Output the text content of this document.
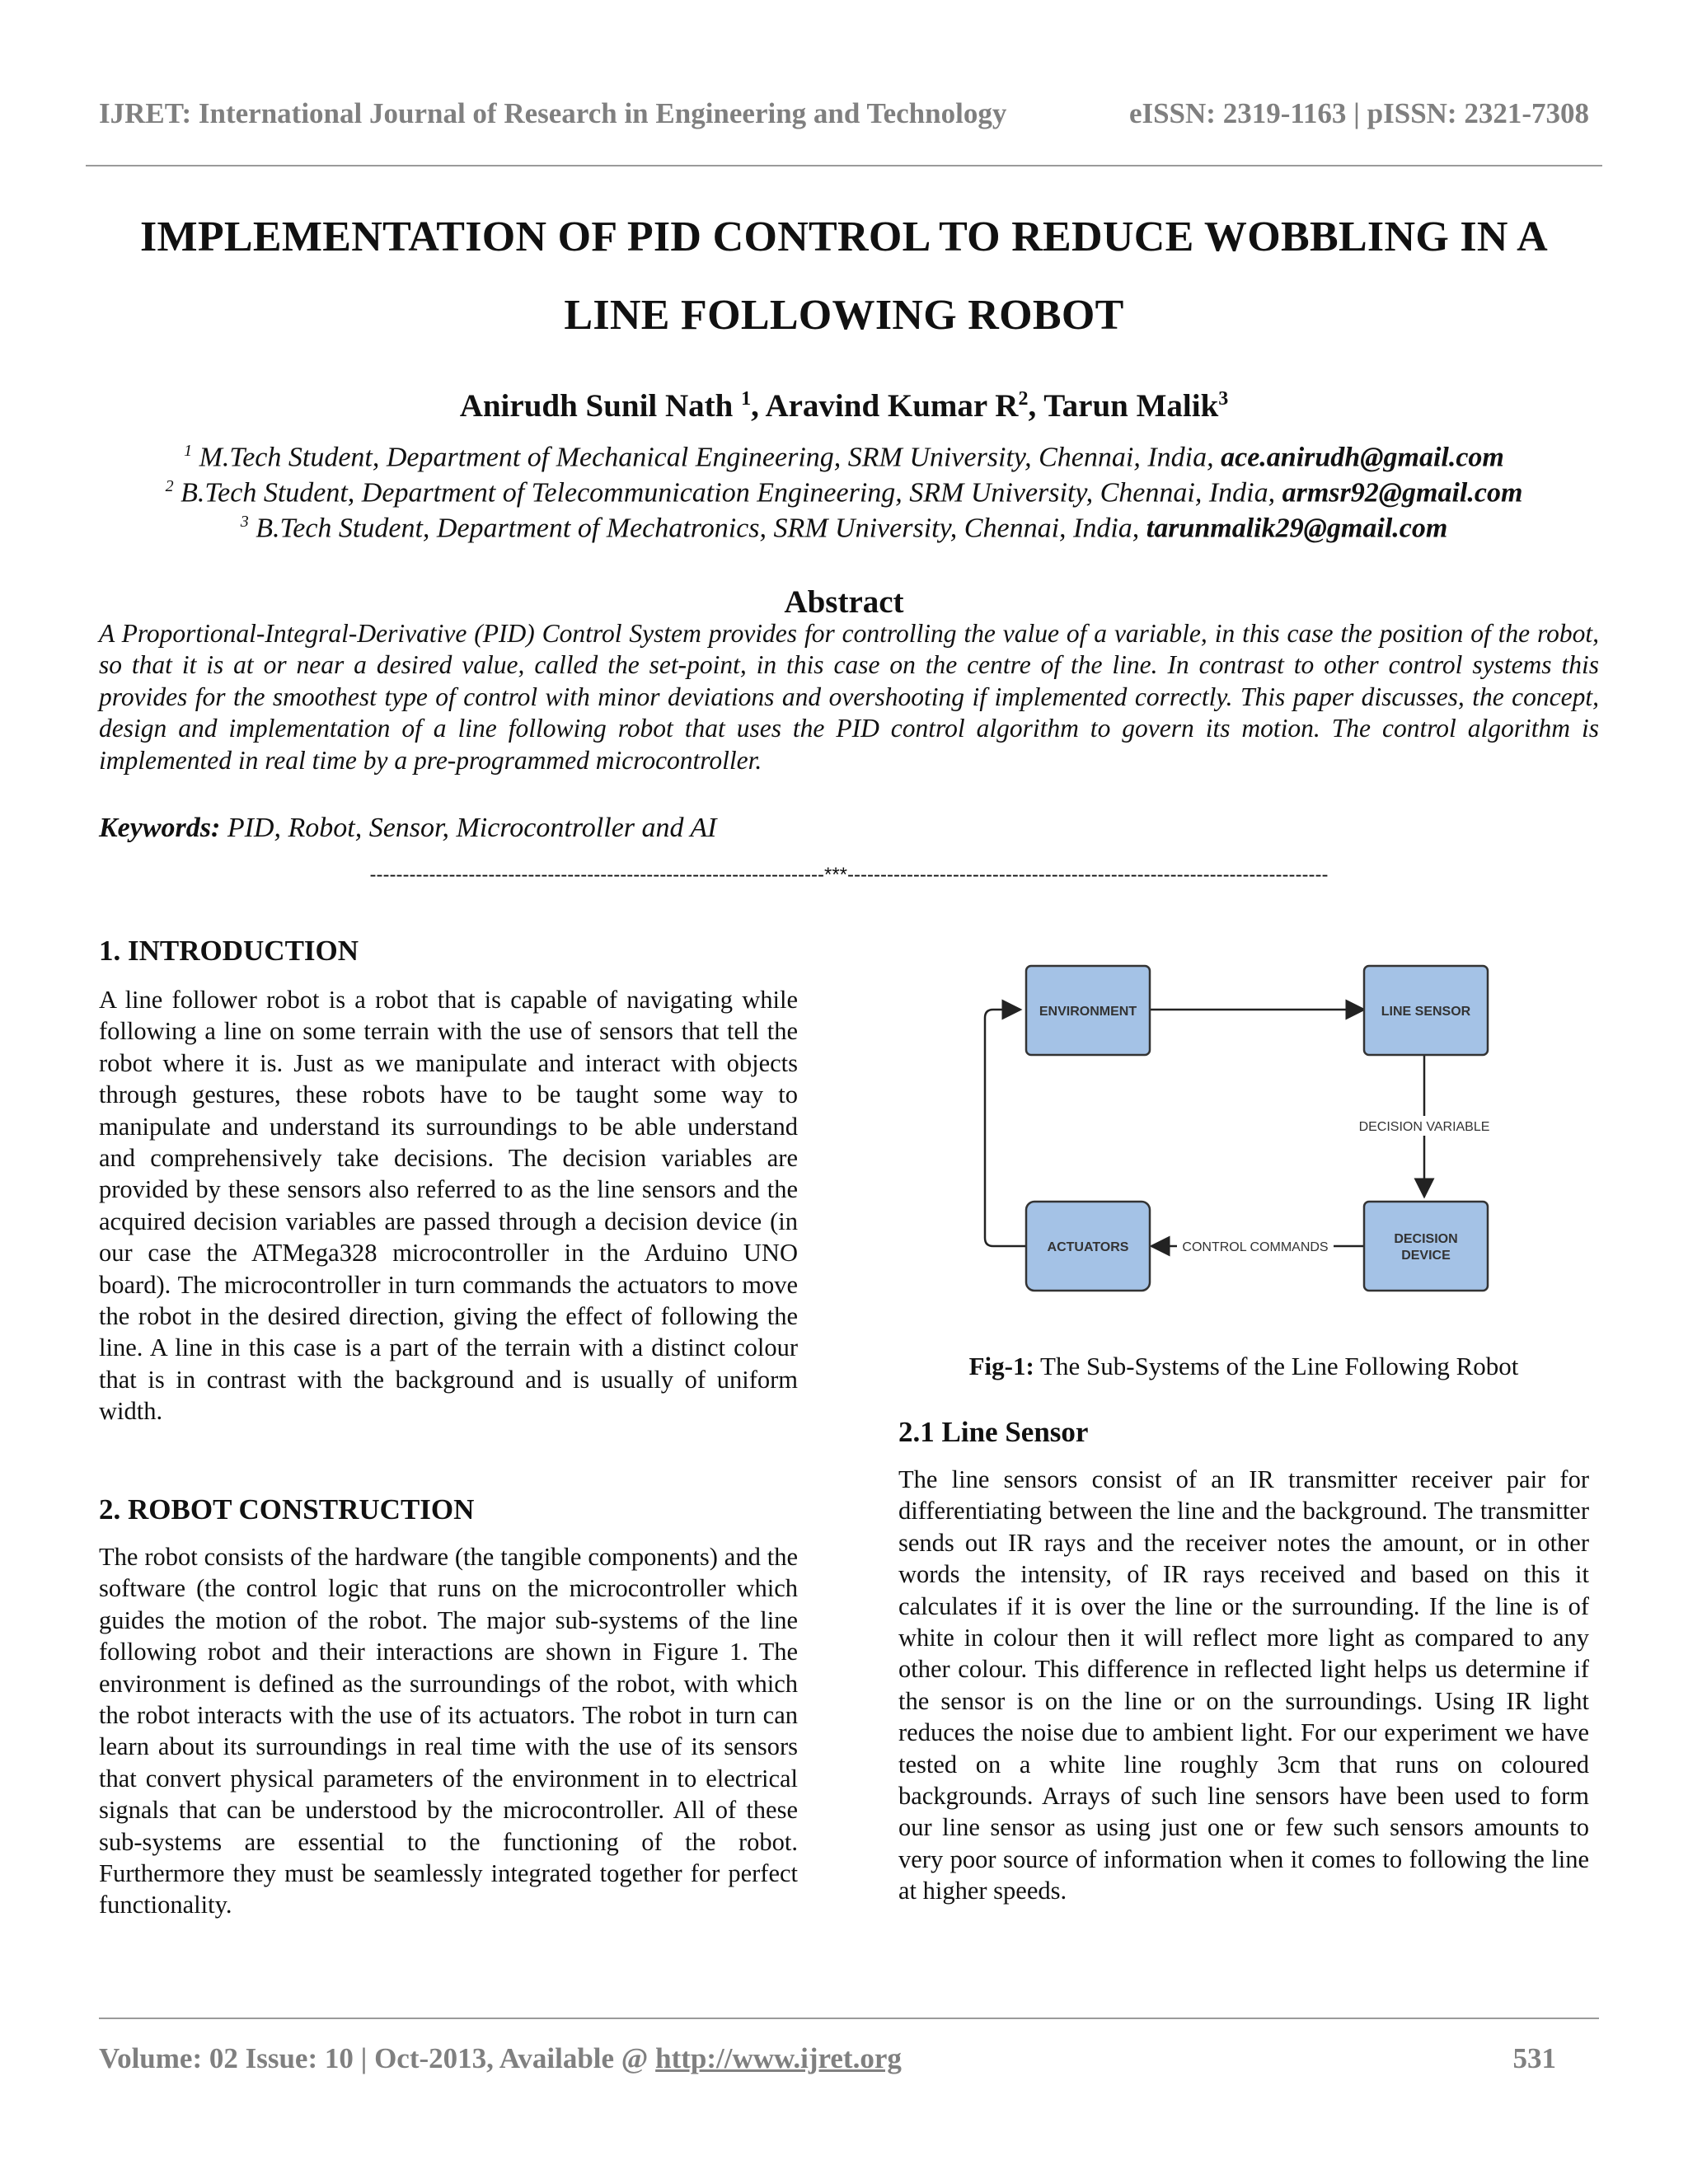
IJRET: International Journal of Research in Engineering and Technology	eISSN: 2319-1163 | pISSN: 2321-7308
IMPLEMENTATION OF PID CONTROL TO REDUCE WOBBLING IN A LINE FOLLOWING ROBOT
Anirudh Sunil Nath $^1$, Aravind Kumar $R^2$, Tarun Malik$^3$
$^1$ M.Tech Student, Department of Mechanical Engineering, SRM University, Chennai, India, ace.anirudh@gmail.com
$^2$ B.Tech Student, Department of Telecommunication Engineering, SRM University, Chennai, India, armsr92@gmail.com
$^3$ B.Tech Student, Department of Mechatronics, SRM University, Chennai, India, tarunmalik29@gmail.com
Abstract
A Proportional-Integral-Derivative (PID) Control System provides for controlling the value of a variable, in this case the position of the robot, so that it is at or near a desired value, called the set-point, in this case on the centre of the line. In contrast to other control systems this provides for the smoothest type of control with minor deviations and overshooting if implemented correctly. This paper discusses, the concept, design and implementation of a line following robot that uses the PID control algorithm to govern its motion. The control algorithm is implemented in real time by a pre-programmed microcontroller.
Keywords: PID, Robot, Sensor, Microcontroller and AI
---------------------------------------------------------------------***-------------------------------------------------------------------------
1. INTRODUCTION
A line follower robot is a robot that is capable of navigating while following a line on some terrain with the use of sensors that tell the robot where it is. Just as we manipulate and interact with objects through gestures, these robots have to be taught some way to manipulate and understand its surroundings to be able understand and comprehensively take decisions. The decision variables are provided by these sensors also referred to as the line sensors and the acquired decision variables are passed through a decision device (in our case the ATMega328 microcontroller in the Arduino UNO board). The microcontroller in turn commands the actuators to move the robot in the desired direction, giving the effect of following the line. A line in this case is a part of the terrain with a distinct colour that is in contrast with the background and is usually of uniform width.
2. ROBOT CONSTRUCTION
The robot consists of the hardware (the tangible components) and the software (the control logic that runs on the microcontroller which guides the motion of the robot. The major sub-systems of the line following robot and their interactions are shown in Figure 1. The environment is defined as the surroundings of the robot, with which the robot interacts with the use of its actuators. The robot in turn can learn about its surroundings in real time with the use of its sensors that convert physical parameters of the environment in to electrical signals that can be understood by the microcontroller. All of these sub-systems are essential to the functioning of the robot. Furthermore they must be seamlessly integrated together for perfect functionality.
ENVIRONMENT	LINE SENSOR
ACTUATORS
DECISION
DEVICE
DECISION VARIABLE
CONTROL COMMANDS
Fig-1: The Sub-Systems of the Line Following Robot
2.1 Line Sensor
The line sensors consist of an IR transmitter receiver pair for differentiating between the line and the background. The transmitter sends out IR rays and the receiver notes the amount, or in other words the intensity, of IR rays received and based on this it calculates if it is over the line or the surrounding. If the line is of white in colour then it will reflect more light as compared to any other colour. This difference in reflected light helps us determine if the sensor is on the line or on the surroundings. Using IR light reduces the noise due to ambient light. For our experiment we have tested on a white line roughly 3cm that runs on coloured backgrounds. Arrays of such line sensors have been used to form our line sensor as using just one or few such sensors amounts to very poor source of information when it comes to following the line at higher speeds.
Volume: 02 Issue: 10 | Oct-2013, Available @ http://www.ijret.org	531
